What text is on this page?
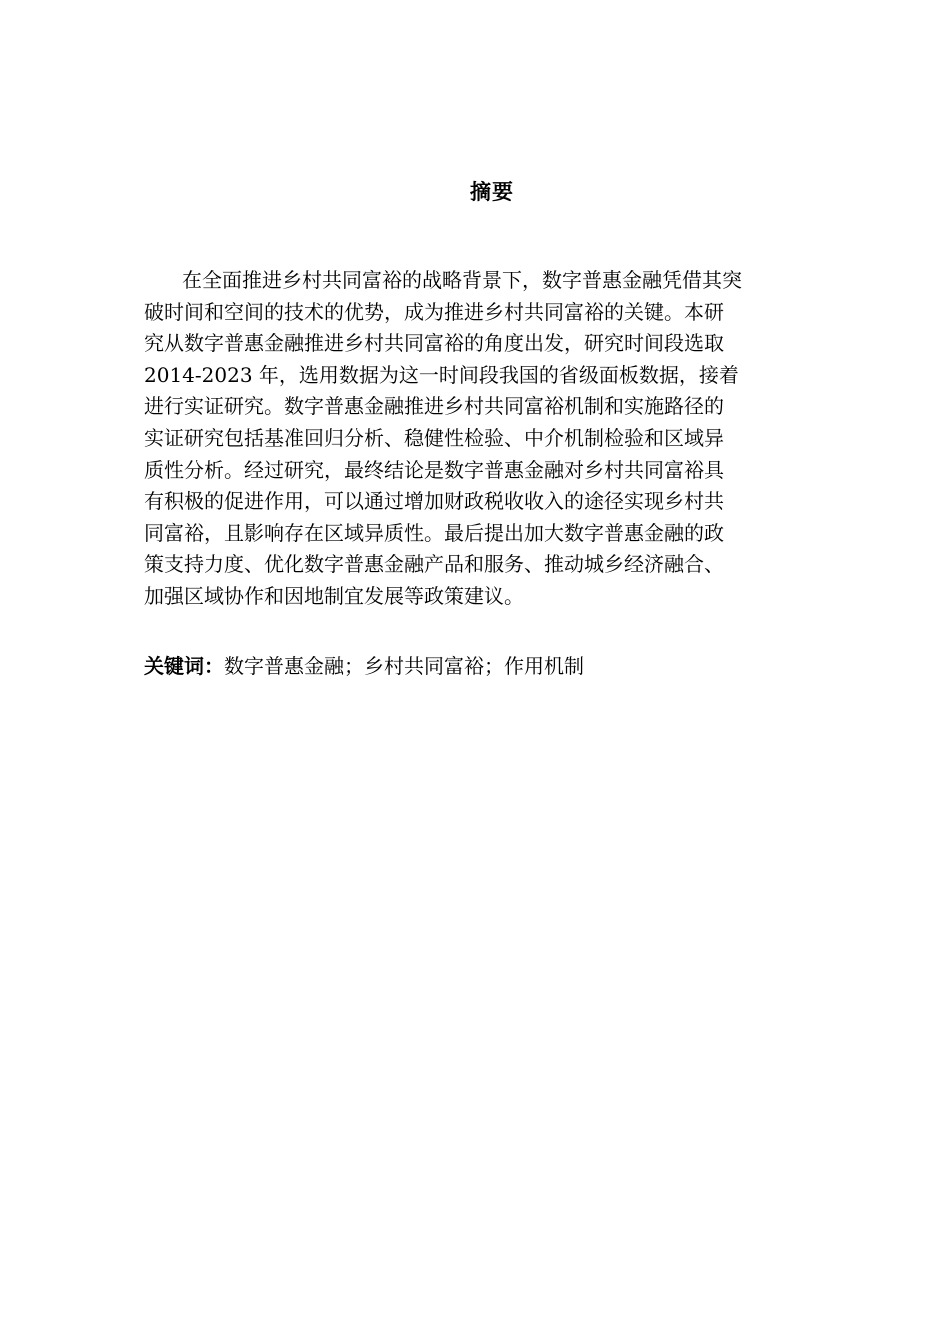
摘要

在全面推进乡村共同富裕的战略背景下，数字普惠金融凭借其突
破时间和空间的技术的优势，成为推进乡村共同富裕的关键。本研
究从数字普惠金融推进乡村共同富裕的角度出发，研究时间段选取
2014-2023 年，选用数据为这一时间段我国的省级面板数据，接着
进行实证研究。数字普惠金融推进乡村共同富裕机制和实施路径的
实证研究包括基准回归分析、稳健性检验、中介机制检验和区域异
质性分析。经过研究，最终结论是数字普惠金融对乡村共同富裕具
有积极的促进作用，可以通过增加财政税收收入的途径实现乡村共
同富裕，且影响存在区域异质性。最后提出加大数字普惠金融的政
策支持力度、优化数字普惠金融产品和服务、推动城乡经济融合、
加强区域协作和因地制宜发展等政策建议。

关键词：数字普惠金融；乡村共同富裕；作用机制
